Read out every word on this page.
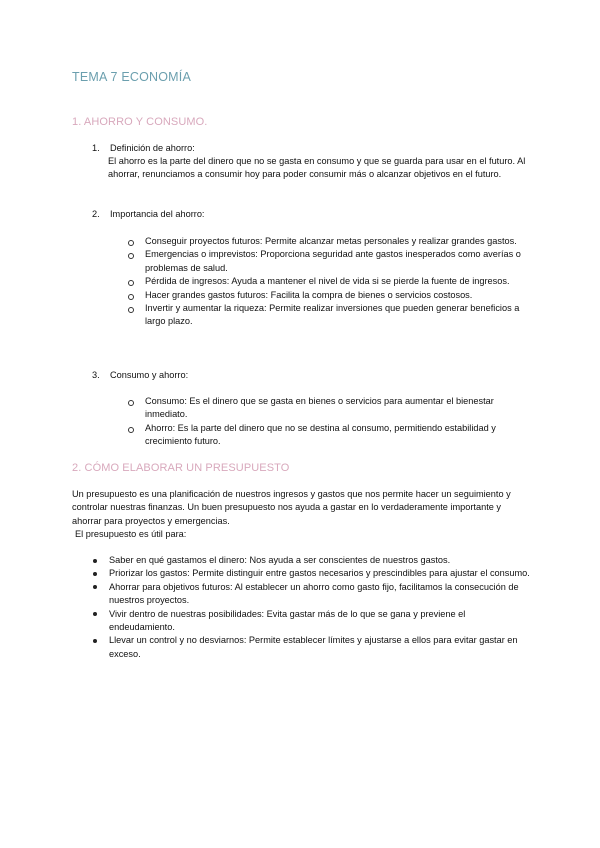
TEMA 7 ECONOMÍA
1. AHORRO Y CONSUMO.
1.	Definición de ahorro:
El ahorro es la parte del dinero que no se gasta en consumo y que se guarda para usar en el futuro. Al ahorrar, renunciamos a consumir hoy para poder consumir más o alcanzar objetivos en el futuro.
2.	Importancia del ahorro:
Conseguir proyectos futuros: Permite alcanzar metas personales y realizar grandes gastos.
Emergencias o imprevistos: Proporciona seguridad ante gastos inesperados como averías o problemas de salud.
Pérdida de ingresos: Ayuda a mantener el nivel de vida si se pierde la fuente de ingresos.
Hacer grandes gastos futuros: Facilita la compra de bienes o servicios costosos.
Invertir y aumentar la riqueza: Permite realizar inversiones que pueden generar beneficios a largo plazo.
3.	Consumo y ahorro:
Consumo: Es el dinero que se gasta en bienes o servicios para aumentar el bienestar inmediato.
Ahorro: Es la parte del dinero que no se destina al consumo, permitiendo estabilidad y crecimiento futuro.
2. CÓMO ELABORAR UN PRESUPUESTO
Un presupuesto es una planificación de nuestros ingresos y gastos que nos permite hacer un seguimiento y controlar nuestras finanzas. Un buen presupuesto nos ayuda a gastar en lo verdaderamente importante y ahorrar para proyectos y emergencias.
El presupuesto es útil para:
Saber en qué gastamos el dinero: Nos ayuda a ser conscientes de nuestros gastos.
Priorizar los gastos: Permite distinguir entre gastos necesarios y prescindibles para ajustar el consumo.
Ahorrar para objetivos futuros: Al establecer un ahorro como gasto fijo, facilitamos la consecución de nuestros proyectos.
Vivir dentro de nuestras posibilidades: Evita gastar más de lo que se gana y previene el endeudamiento.
Llevar un control y no desviarnos: Permite establecer límites y ajustarse a ellos para evitar gastar en exceso.
